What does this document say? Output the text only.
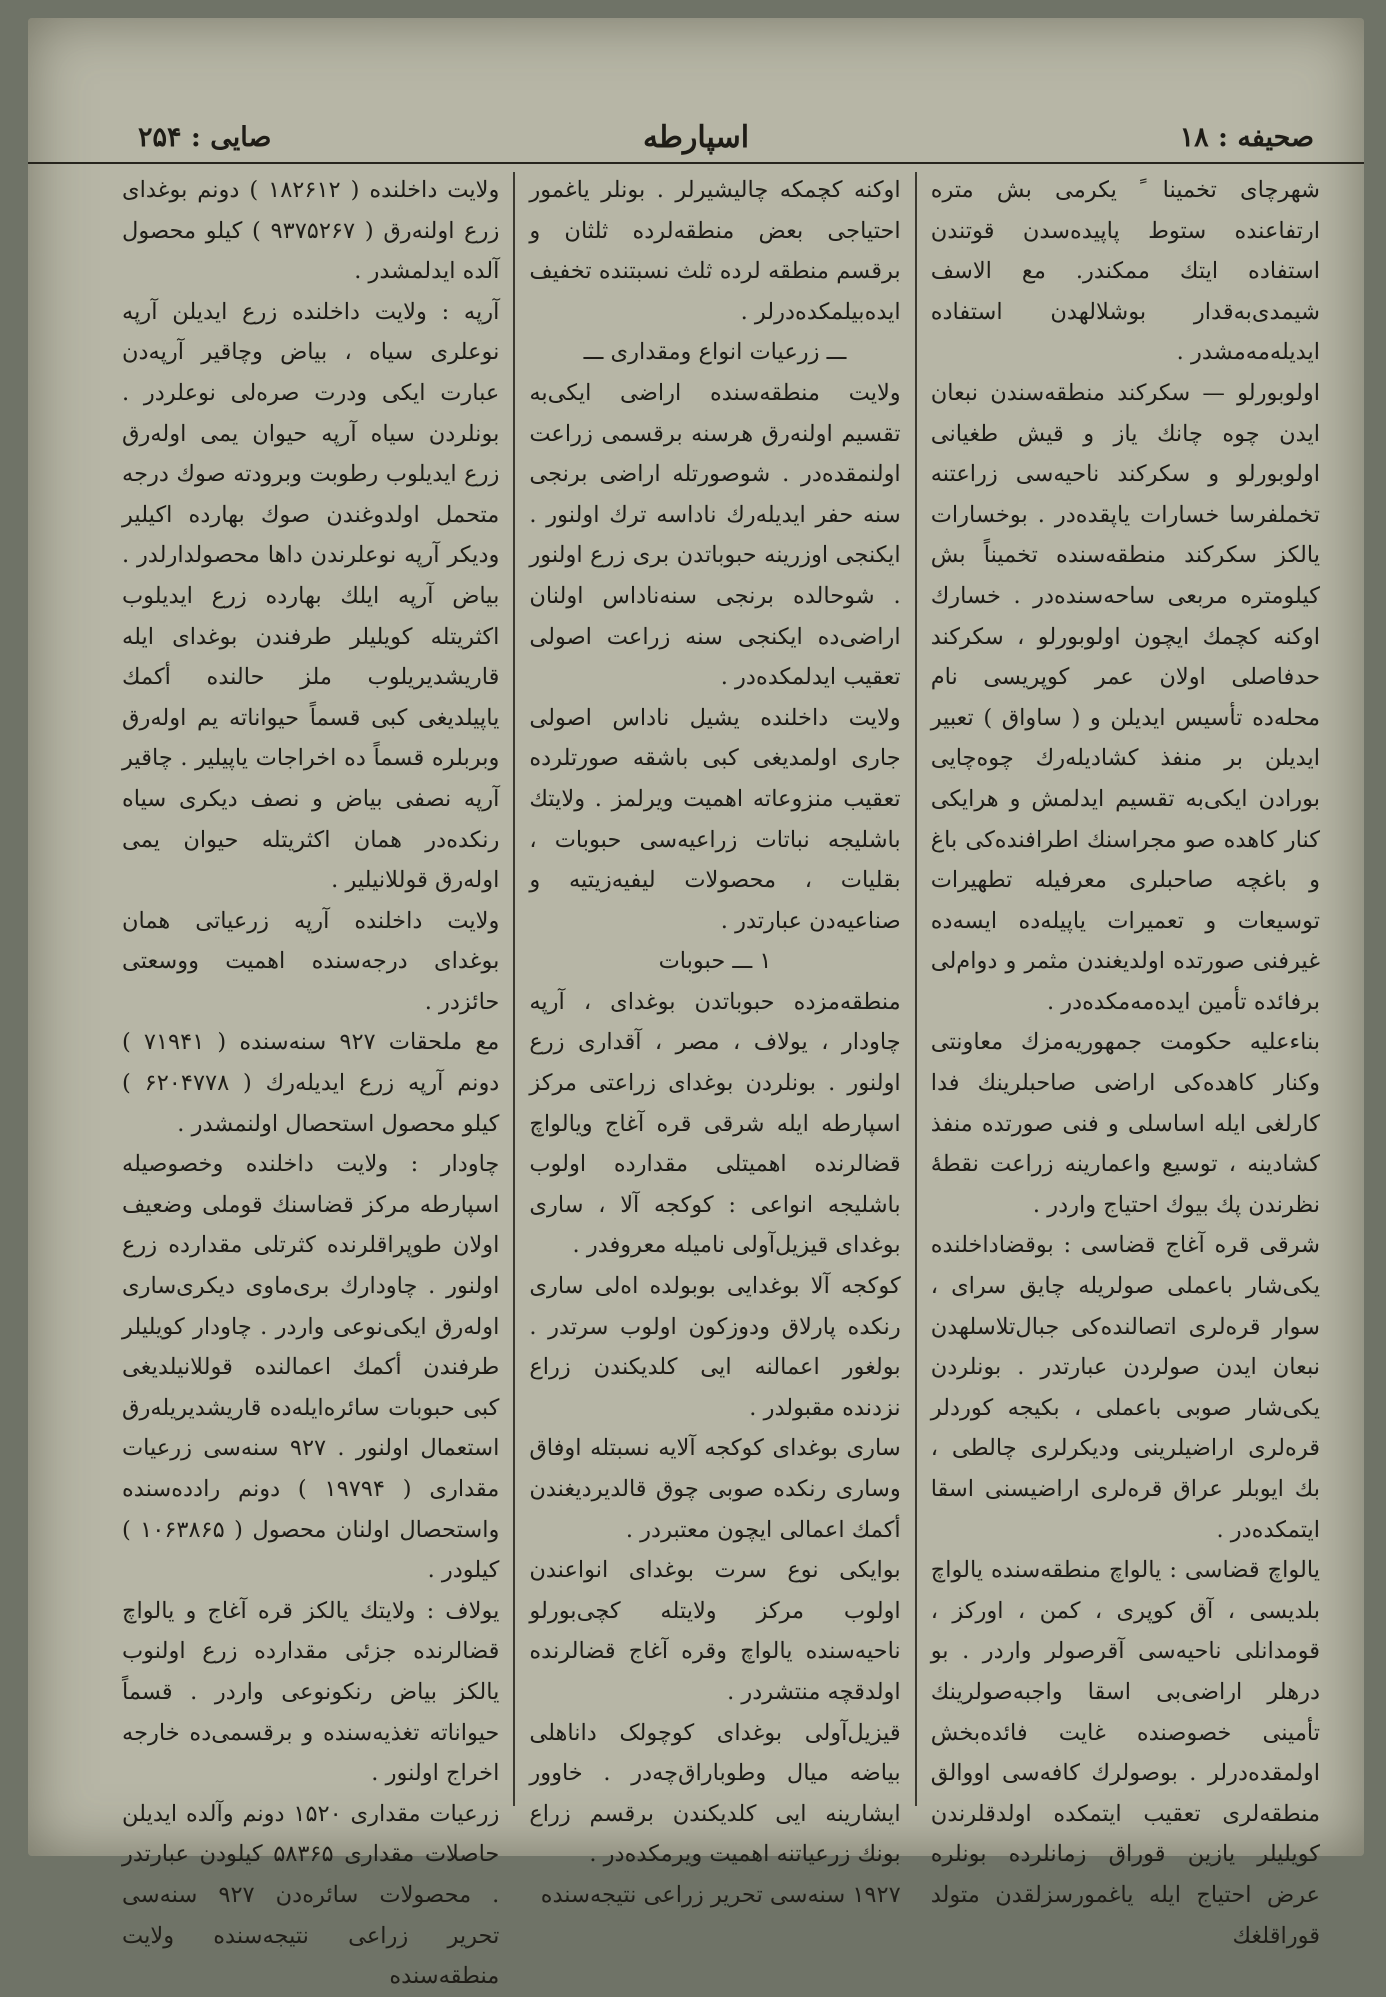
صحیفه : ۱۸
اسپارطه
صایی : ۲۵۴

شهرچای تخمینا ً یکرمی بش متره ارتفاعنده ستوط پاپیده‌سدن قوتندن استفاده ایتك ممکندر. مع الاسف شیمدی‌به‌قدار بوشلالهدن استفاده ایدیله‌مه‌مشدر .

اولوبورلو — سکرکند منطقه‌سندن نبعان ایدن چوه چانك یاز و قیش طغیانی اولوبورلو و سکرکند ناحیه‌سی زراعتنه تخملفرسا خسارات یاپقده‌در . بوخسارات یالکز سکرکند منطقه‌سنده تخمیناً بش کیلومتره مربعی ساحه‌سنده‌در . خسارك اوکنه کچمك ایچون اولوبورلو ، سکرکند حدفاصلی اولان عمر کوپریسی نام محله‌ده تأسیس ایدیلن و ( ساواق ) تعبیر ایدیلن بر منفذ کشادیله‌رك چوه‌چایی بورادن ایکی‌به تقسیم ایدلمش و هرایکی کنار کاهده صو مجراسنك اطرافنده‌کی باغ و باغچه صاحبلری معرفیله تطهیرات توسیعات و تعمیرات یاپیله‌ده ایسه‌ده غیرفنی صورتده اولدیغندن مثمر و دوام‌لی برفائده تأمین ایده‌مه‌مکده‌در .

بناءعلیه حکومت جمهوریه‌مزك معاونتی وکنار کاهده‌کی اراضی صاحبلرینك فدا کارلغی ایله اساسلی و فنی صورتده منفذ کشادینه ، توسیع واعمارینه زراعت نقطهٔ نظرندن پك بیوك احتیاج واردر .

شرقی قره آغاج قضاسی : بوقضاداخلنده یکی‌شار باعملی صولریله چایق سرای ، سوار قره‌لری اتصالنده‌کی جبال‌تلاسلهدن نبعان ایدن صولردن عبارتدر . بونلردن یکی‌شار صوبی باعملی ، بکیجه کوردلر قره‌لری اراضیلرینی ودیکرلری چالطی ، بك ایوبلر عراق قره‌لری اراضیسنی اسقا ایتمکده‌در .

یالواچ قضاسی : یالواچ منطقه‌سنده یالواچ بلدیسی ، آق کوپری ، کمن ، اورکز ، قومدانلی ناحیه‌سی آقرصولر واردر . بو درهلر اراضی‌بی اسقا واجبه‌صولرینك تأمینی خصوصنده غایت فائده‌بخش اولمقده‌درلر . بوصولرك کافه‌سی اووالق منطقه‌لری تعقیب ایتمکده اولدقلرندن کویلیلر یازین قوراق زمانلرده بونلره عرض احتیاج ایله یاغمورسزلقدن متولد قوراقلغك

اوکنه کچمکه چالیشیرلر . بونلر یاغمور احتیاجی بعض منطقه‌لرده ثلثان و برقسم منطقه لرده ثلث نسبتنده تخفیف ایده‌بیلمکده‌درلر .

ـــ زرعیات انواع ومقداری ـــ

ولایت منطقه‌سنده اراضی ایکی‌به تقسیم اولنه‌رق هرسنه برقسمی زراعت اولنمقده‌در . شوصورتله اراضی برنجی سنه حفر ایدیله‌رك ناداسه ترك اولنور . ایکنجی اوزرینه حبوباتدن بری زرع اولنور . شوحالده برنجی سنه‌ناداس اولنان اراضی‌ده ایکنجی سنه زراعت اصولی تعقیب ایدلمکده‌در .

ولایت داخلنده یشیل ناداس اصولی جاری اولمدیغی کبی باشقه صورتلرده تعقیب منزوعاته اهمیت ویرلمز . ولایتك باشلیجه نباتات زراعیه‌سی حبوبات ، بقلیات ، محصولات لیفیه‌زیتیه و صناعیه‌دن عبارتدر .

۱ ـــ حبوبات

منطقه‌مزده حبوباتدن بوغدای ، آرپه چاودار ، یولاف ، مصر ، آقداری زرع اولنور . بونلردن بوغدای زراعتی مرکز اسپارطه ایله شرقی قره آغاج ویالواچ قضالرنده اهمیتلی مقدارده اولوب باشلیجه انواعی : کوکجه آلا ، ساری بوغدای قیزیل‌آولی نامیله معروفدر .

کوکجه آلا بوغدایی بوبولده اه‌لی ساری رنکده پارلاق ودوزکون اولوب سرتدر . بولغور اعمالنه ایی کلدیکندن زراع نزدنده مقبولدر .

ساری بوغدای کوکجه آلایه نسبتله اوفاق وساری رنکده صوبی چوق قالدیردیغندن أکمك اعمالی ایچون معتبردر .

بوایکی نوع سرت بوغدای انواعندن اولوب مرکز ولایتله کچی‌بورلو ناحیه‌سنده یالواچ وقره آغاج قضالرنده اولدقچه منتشردر .

قیزیل‌آولی بوغدای کوچولک داناهلی بیاضه میال وطوباراق‌چه‌در . خاوور ایشارینه ایی کلدیکندن برقسم زراع بونك زرعیاتنه اهمیت ویرمکده‌در .

۱۹۲۷ سنه‌سی تحریر زراعی نتیجه‌سنده

ولایت داخلنده ( ۱۸۲۶۱۲ ) دونم بوغدای زرع اولنه‌رق ( ۹۳۷۵۲۶۷ ) کیلو محصول آلده ایدلمشدر .

آرپه : ولایت داخلنده زرع ایدیلن آرپه نوعلری سیاه ، بیاض وچاقیر آرپه‌دن عبارت ایکی ودرت صره‌لی نوعلردر . بونلردن سیاه آرپه حیوان یمی اوله‌رق زرع ایدیلوب رطوبت وبرودته صوك درجه متحمل اولدوغندن صوك بهارده اکیلیر ودیکر آرپه نوعلرندن داها محصولدارلدر . بیاض آرپه ایلك بهارده زرع ایدیلوب اکثریتله کویلیلر طرفندن بوغدای ایله قاریشدیریلوب ملز حالنده أکمك یاپیلدیغی کبی قسماً حیواناته یم اوله‌رق وبربلره قسماً ده اخراجات یاپیلیر . چاقیر آرپه نصفی بیاض و نصف دیکری سیاه رنکده‌در همان اکثریتله حیوان یمی اوله‌رق قوللانیلیر .

ولایت داخلنده آرپه زرعیاتی همان بوغدای درجه‌سنده اهمیت ووسعتی حائزدر .

مع ملحقات ۹۲۷ سنه‌سنده ( ۷۱۹۴۱ ) دونم آرپه زرع ایدیله‌رك ( ۶۲۰۴۷۷۸ ) کیلو محصول استحصال اولنمشدر .

چاودار : ولایت داخلنده وخصوصیله اسپارطه مرکز قضاسنك قوملی وضعیف اولان طوپراقلرنده کثرتلی مقدارده زرع اولنور . چاودارك بری‌ماوی دیکری‌ساری اوله‌رق ایکی‌نوعی واردر . چاودار کویلیلر طرفندن أکمك اعمالنده قوللانیلدیغی کبی حبوبات سائره‌ایله‌ده قاریشدیریله‌رق استعمال اولنور . ۹۲۷ سنه‌سی زرعیات مقداری ( ۱۹۷۹۴ ) دونم رادده‌سنده واستحصال اولنان محصول ( ۱۰۶۳۸۶۵ ) کیلودر .

یولاف : ولایتك یالکز قره آغاج و یالواچ قضالرنده جزئی مقدارده زرع اولنوب یالکز بیاض رنکونوعی واردر . قسماً حیواناته تغذیه‌سنده و برقسمی‌ده خارجه اخراج اولنور .

زرعیات مقداری ۱۵۲۰ دونم وآلده ایدیلن حاصلات مقداری ۵۸۳۶۵ کیلودن عبارتدر . محصولات سائره‌دن ۹۲۷ سنه‌سی تحریر زراعی نتیجه‌سنده ولایت منطقه‌سنده
